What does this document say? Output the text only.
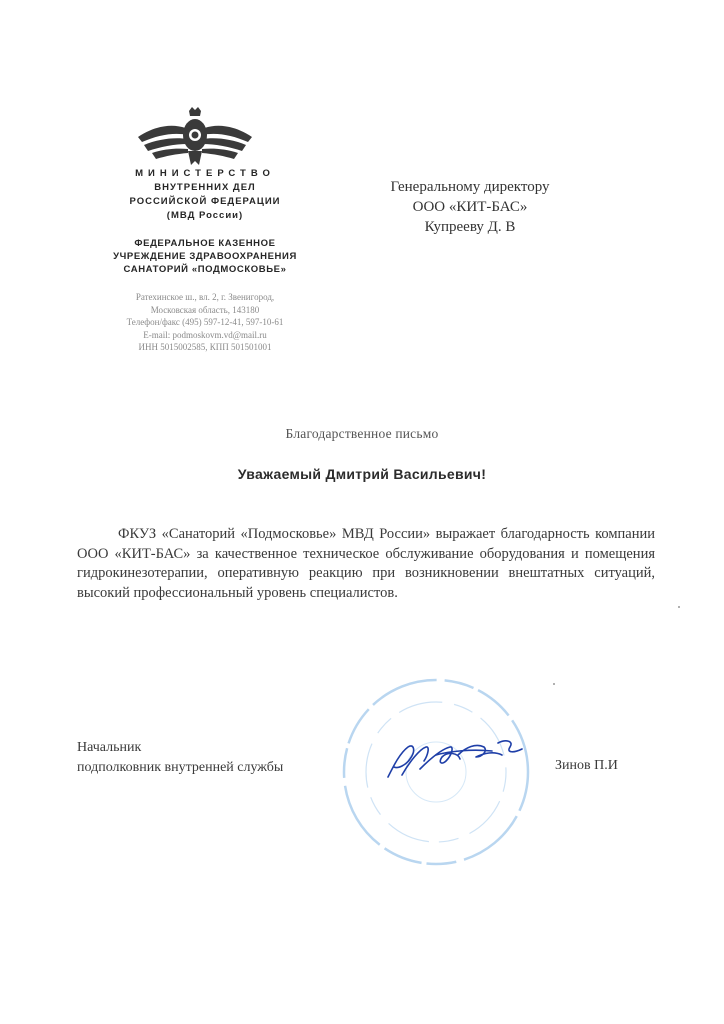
МИНИСТЕРСТВО
ВНУТРЕННИХ ДЕЛ
РОССИЙСКОЙ ФЕДЕРАЦИИ
(МВД России)
ФЕДЕРАЛЬНОЕ КАЗЕННОЕ
УЧРЕЖДЕНИЕ ЗДРАВООХРАНЕНИЯ
САНАТОРИЙ «ПОДМОСКОВЬЕ»
Ратехинское ш., вл. 2, г. Звенигород,
Московская область, 143180
Телефон/факс (495) 597-12-41, 597-10-61
E-mail: podmoskovm.vd@mail.ru
ИНН 5015002585, КПП 501501001
Генеральному директору
ООО «КИТ-БАС»
Купрееву Д. В
Благодарственное письмо
Уважаемый Дмитрий Васильевич!
ФКУЗ «Санаторий «Подмосковье» МВД России» выражает благодарность компании ООО «КИТ-БАС» за качественное техническое обслуживание оборудования и помещения гидрокинезотерапии, оперативную реакцию при возникновении внештатных ситуаций, высокий профессиональный уровень специалистов.
Начальник
подполковник внутренней службы	Зинов П.И
